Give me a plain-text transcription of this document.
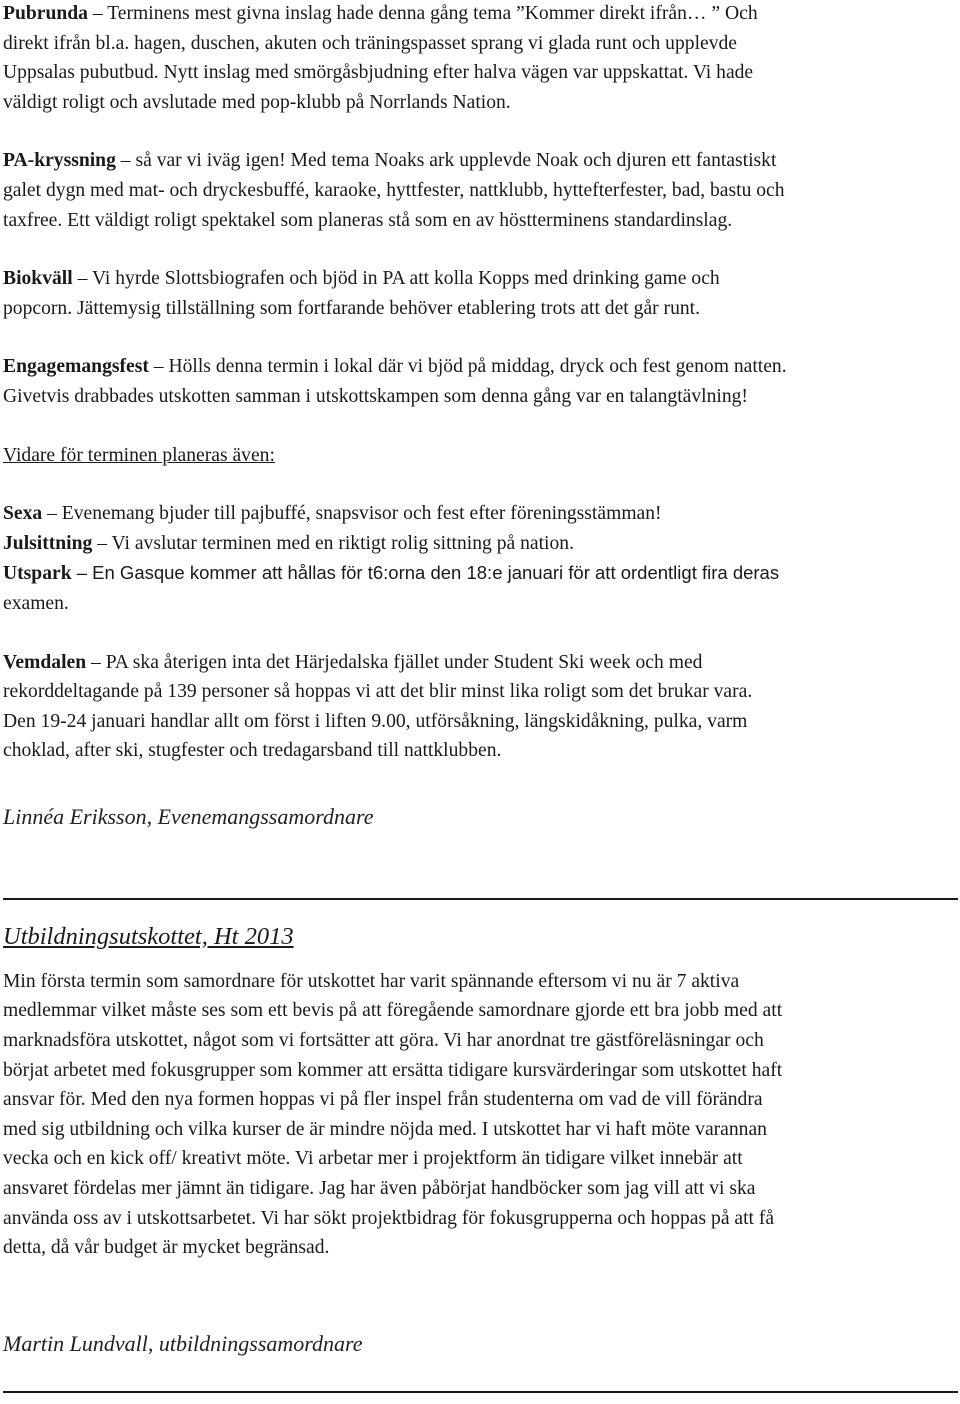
Pubrunda – Terminens mest givna inslag hade denna gång tema ”Kommer direkt ifrån… ” Och

direkt ifrån bl.a. hagen, duschen, akuten och träningspasset sprang vi glada runt och upplevde

Uppsalas pubutbud. Nytt inslag med smörgåsbjudning efter halva vägen var uppskattat. Vi hade

väldigt roligt och avslutade med pop-klubb på Norrlands Nation.

PA-kryssning – så var vi iväg igen! Med tema Noaks ark upplevde Noak och djuren ett fantastiskt

galet dygn med mat- och dryckesbuffé, karaoke, hyttfester, nattklubb, hyttefterfester, bad, bastu och

taxfree. Ett väldigt roligt spektakel som planeras stå som en av höstterminens standardinslag.

Biokväll – Vi hyrde Slottsbiografen och bjöd in PA att kolla Kopps med drinking game och

popcorn. Jättemysig tillställning som fortfarande behöver etablering trots att det går runt.

Engagemangsfest – Hölls denna termin i lokal där vi bjöd på middag, dryck och fest genom natten.

Givetvis drabbades utskotten samman i utskottskampen som denna gång var en talangtävlning!

Vidare för terminen planeras även:

Sexa – Evenemang bjuder till pajbuffé, snapsvisor och fest efter föreningsstämman!

Julsittning – Vi avslutar terminen med en riktigt rolig sittning på nation.

Utspark – En Gasque kommer att hållas för t6:orna den 18:e januari för att ordentligt fira deras

examen.

Vemdalen – PA ska återigen inta det Härjedalska fjället under Student Ski week och med

rekorddeltagande på 139 personer så hoppas vi att det blir minst lika roligt som det brukar vara.

Den 19-24 januari handlar allt om först i liften 9.00, utförsåkning, längskidåkning, pulka, varm

choklad, after ski, stugfester och tredagarsband till nattklubben.

Linnéa Eriksson, Evenemangssamordnare

Utbildningsutskottet, Ht 2013

Min första termin som samordnare för utskottet har varit spännande eftersom vi nu är 7 aktiva

medlemmar vilket måste ses som ett bevis på att föregående samordnare gjorde ett bra jobb med att

marknadsföra utskottet, något som vi fortsätter att göra. Vi har anordnat tre gästföreläsningar och

börjat arbetet med fokusgrupper som kommer att ersätta tidigare kursvärderingar som utskottet haft

ansvar för. Med den nya formen hoppas vi på fler inspel från studenterna om vad de vill förändra

med sig utbildning och vilka kurser de är mindre nöjda med. I utskottet har vi haft möte varannan

vecka och en kick off/ kreativt möte. Vi arbetar mer i projektform än tidigare vilket innebär att

ansvaret fördelas mer jämnt än tidigare. Jag har även påbörjat handböcker som jag vill att vi ska

använda oss av i utskottsarbetet. Vi har sökt projektbidrag för fokusgrupperna och hoppas på att få

detta, då vår budget är mycket begränsad.

Martin Lundvall, utbildningssamordnare
